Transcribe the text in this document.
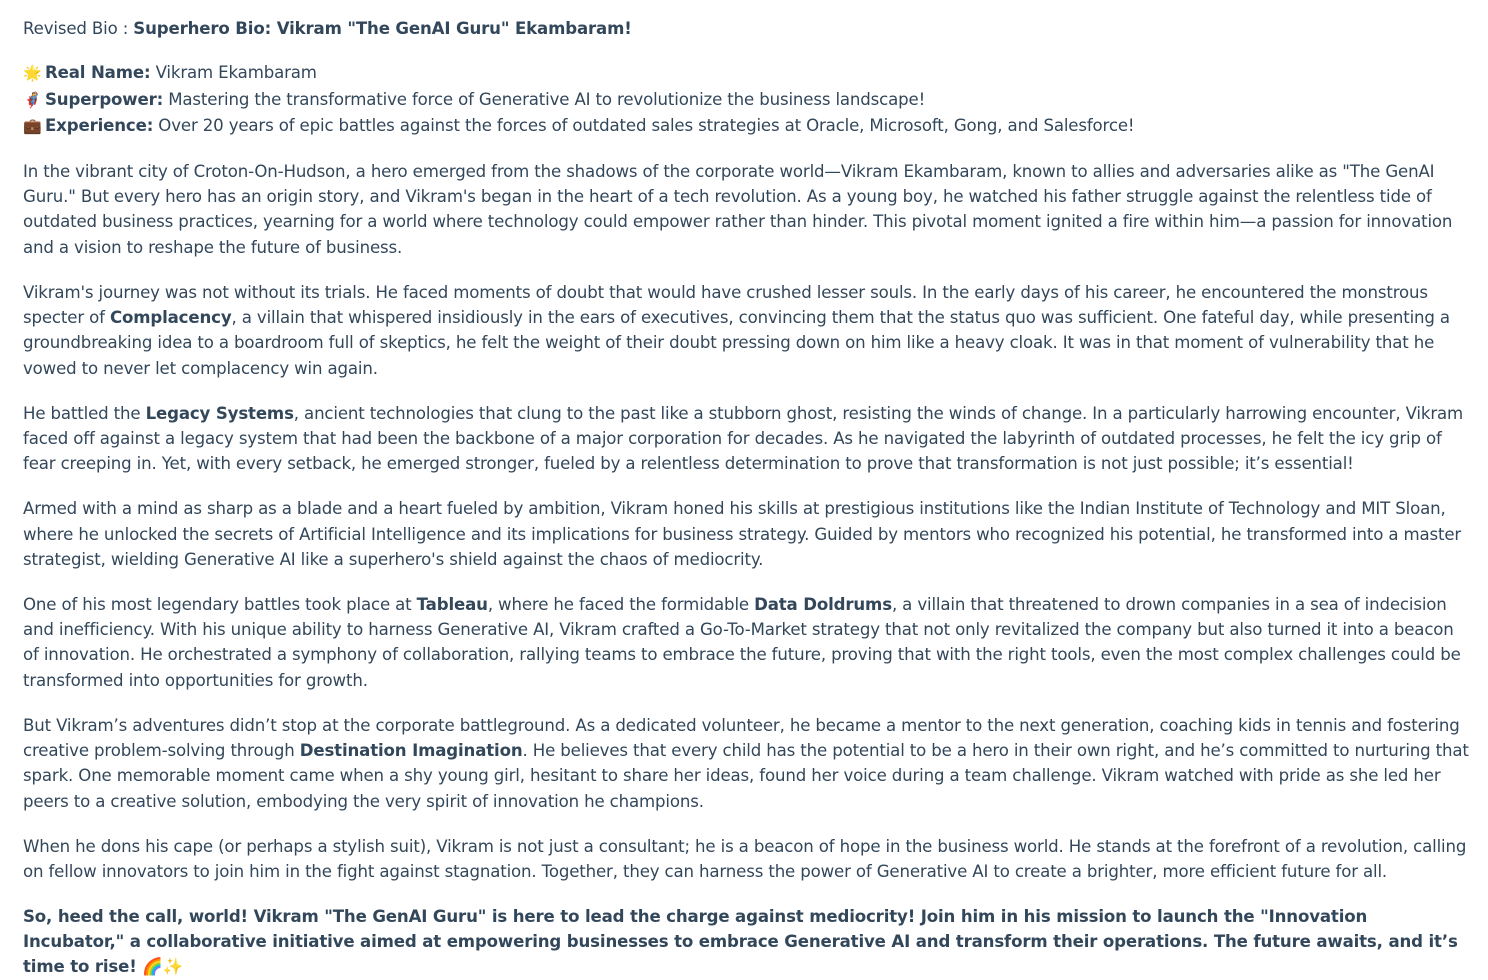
Revised Bio : Superhero Bio: Vikram "The GenAI Guru" Ekambaram!

🌟 Real Name: Vikram Ekambaram
🦸 Superpower: Mastering the transformative force of Generative AI to revolutionize the business landscape!
💼 Experience: Over 20 years of epic battles against the forces of outdated sales strategies at Oracle, Microsoft, Gong, and Salesforce!

In the vibrant city of Croton-On-Hudson, a hero emerged from the shadows of the corporate world—Vikram Ekambaram, known to allies and adversaries alike as "The GenAI Guru." But every hero has an origin story, and Vikram's began in the heart of a tech revolution. As a young boy, he watched his father struggle against the relentless tide of outdated business practices, yearning for a world where technology could empower rather than hinder. This pivotal moment ignited a fire within him—a passion for innovation and a vision to reshape the future of business.

Vikram's journey was not without its trials. He faced moments of doubt that would have crushed lesser souls. In the early days of his career, he encountered the monstrous specter of Complacency, a villain that whispered insidiously in the ears of executives, convincing them that the status quo was sufficient. One fateful day, while presenting a groundbreaking idea to a boardroom full of skeptics, he felt the weight of their doubt pressing down on him like a heavy cloak. It was in that moment of vulnerability that he vowed to never let complacency win again.

He battled the Legacy Systems, ancient technologies that clung to the past like a stubborn ghost, resisting the winds of change. In a particularly harrowing encounter, Vikram faced off against a legacy system that had been the backbone of a major corporation for decades. As he navigated the labyrinth of outdated processes, he felt the icy grip of fear creeping in. Yet, with every setback, he emerged stronger, fueled by a relentless determination to prove that transformation is not just possible; it’s essential!

Armed with a mind as sharp as a blade and a heart fueled by ambition, Vikram honed his skills at prestigious institutions like the Indian Institute of Technology and MIT Sloan, where he unlocked the secrets of Artificial Intelligence and its implications for business strategy. Guided by mentors who recognized his potential, he transformed into a master strategist, wielding Generative AI like a superhero's shield against the chaos of mediocrity.

One of his most legendary battles took place at Tableau, where he faced the formidable Data Doldrums, a villain that threatened to drown companies in a sea of indecision and inefficiency. With his unique ability to harness Generative AI, Vikram crafted a Go-To-Market strategy that not only revitalized the company but also turned it into a beacon of innovation. He orchestrated a symphony of collaboration, rallying teams to embrace the future, proving that with the right tools, even the most complex challenges could be transformed into opportunities for growth.

But Vikram’s adventures didn’t stop at the corporate battleground. As a dedicated volunteer, he became a mentor to the next generation, coaching kids in tennis and fostering creative problem-solving through Destination Imagination. He believes that every child has the potential to be a hero in their own right, and he’s committed to nurturing that spark. One memorable moment came when a shy young girl, hesitant to share her ideas, found her voice during a team challenge. Vikram watched with pride as she led her peers to a creative solution, embodying the very spirit of innovation he champions.

When he dons his cape (or perhaps a stylish suit), Vikram is not just a consultant; he is a beacon of hope in the business world. He stands at the forefront of a revolution, calling on fellow innovators to join him in the fight against stagnation. Together, they can harness the power of Generative AI to create a brighter, more efficient future for all.

So, heed the call, world! Vikram "The GenAI Guru" is here to lead the charge against mediocrity! Join him in his mission to launch the "Innovation Incubator," a collaborative initiative aimed at empowering businesses to embrace Generative AI and transform their operations. The future awaits, and it’s time to rise! 🌈✨
